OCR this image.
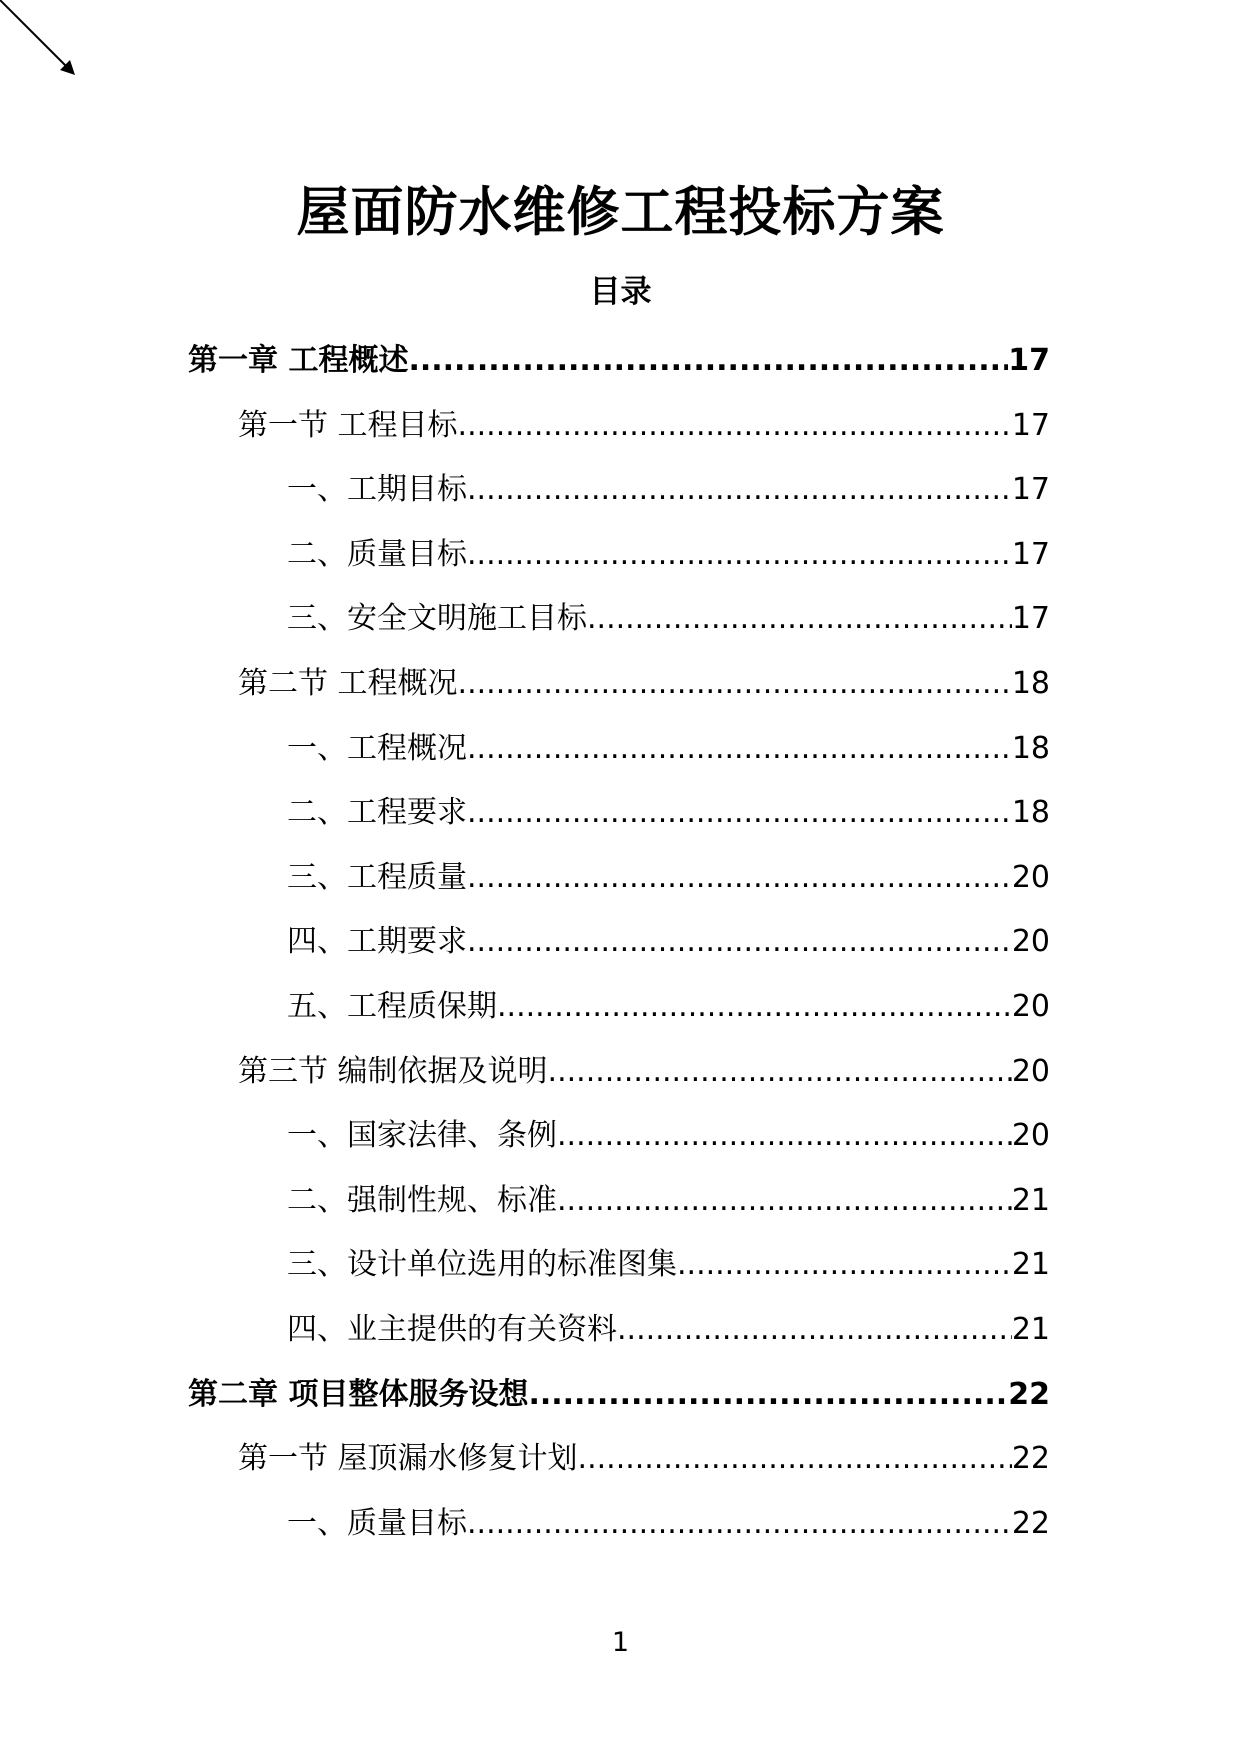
屋面防水维修工程投标方案
目录
第一章 工程概述 .....	17
第一节 工程目标 .....	17
一、工期目标 .....	17
二、质量目标 .....	17
三、安全文明施工目标 .....	17
第二节 工程概况 .....	18
一、工程概况 .....	18
二、工程要求 .....	18
三、工程质量 .....	20
四、工期要求 .....	20
五、工程质保期 .....	20
第三节 编制依据及说明 .....	20
一、国家法律、条例 .....	20
二、强制性规、标准 .....	21
三、设计单位选用的标准图集 .....	21
四、业主提供的有关资料 .....	21
第二章 项目整体服务设想 .....	22
第一节 屋顶漏水修复计划 .....	22
一、质量目标 .....	22
1
